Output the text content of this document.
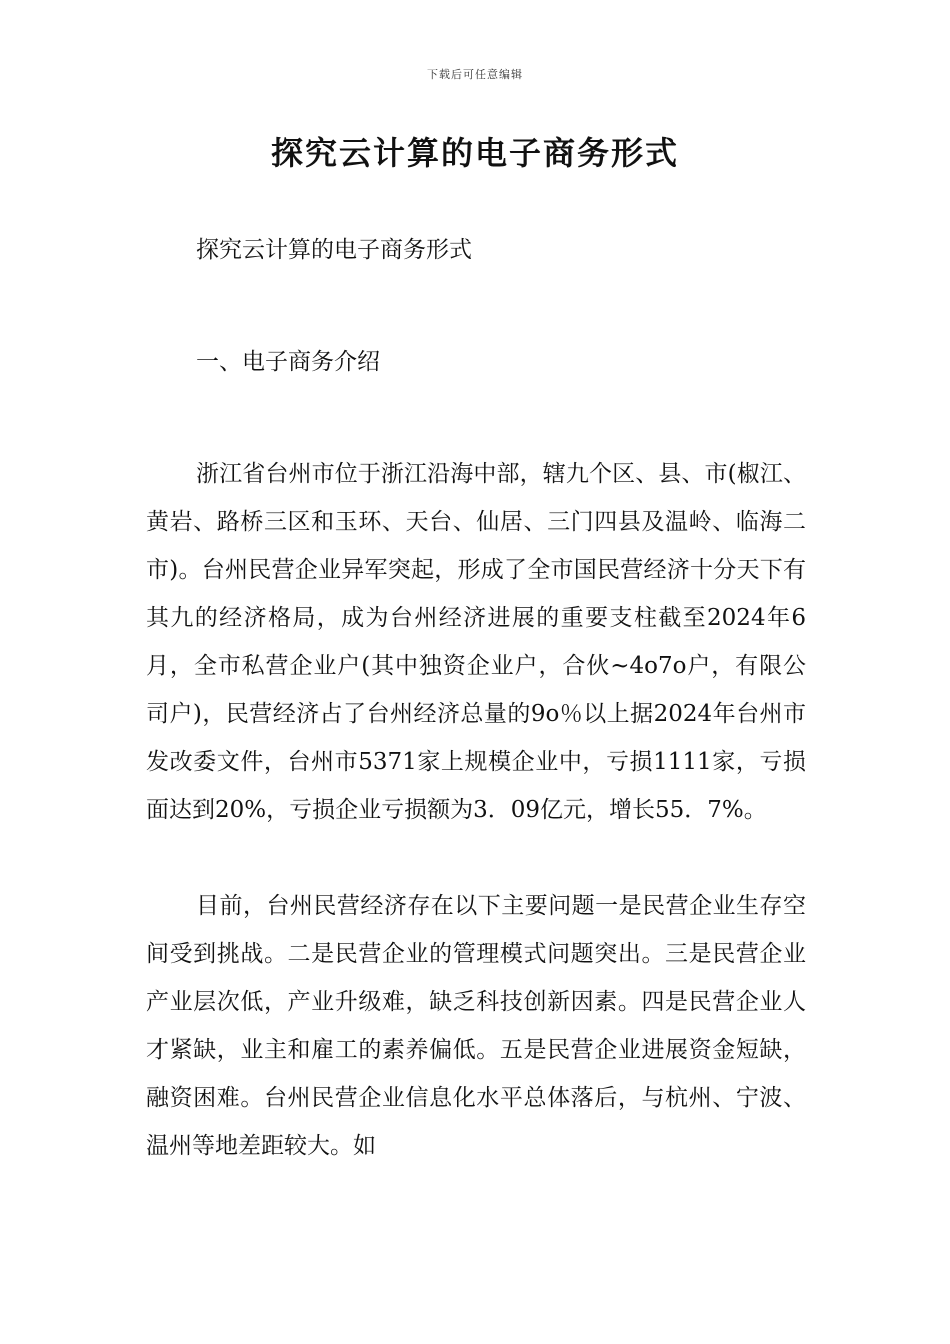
下载后可任意编辑
探究云计算的电子商务形式

探究云计算的电子商务形式

一、电子商务介绍

浙江省台州市位于浙江沿海中部，辖九个区、县、市(椒江、黄岩、路桥三区和玉环、天台、仙居、三门四县及温岭、临海二市)。台州民营企业异军突起，形成了全市国民营经济十分天下有其九的经济格局，成为台州经济进展的重要支柱截至2024年6月，全市私营企业户(其中独资企业户，合伙~4o7o户，有限公司户)，民营经济占了台州经济总量的9o％以上据2024年台州市发改委文件，台州市5371家上规模企业中，亏损1111家，亏损面达到20%，亏损企业亏损额为3．09亿元，增长55．7%。

目前，台州民营经济存在以下主要问题一是民营企业生存空间受到挑战。二是民营企业的管理模式问题突出。三是民营企业产业层次低，产业升级难，缺乏科技创新因素。四是民营企业人才紧缺，业主和雇工的素养偏低。五是民营企业进展资金短缺，融资困难。台州民营企业信息化水平总体落后，与杭州、宁波、温州等地差距较大。如
